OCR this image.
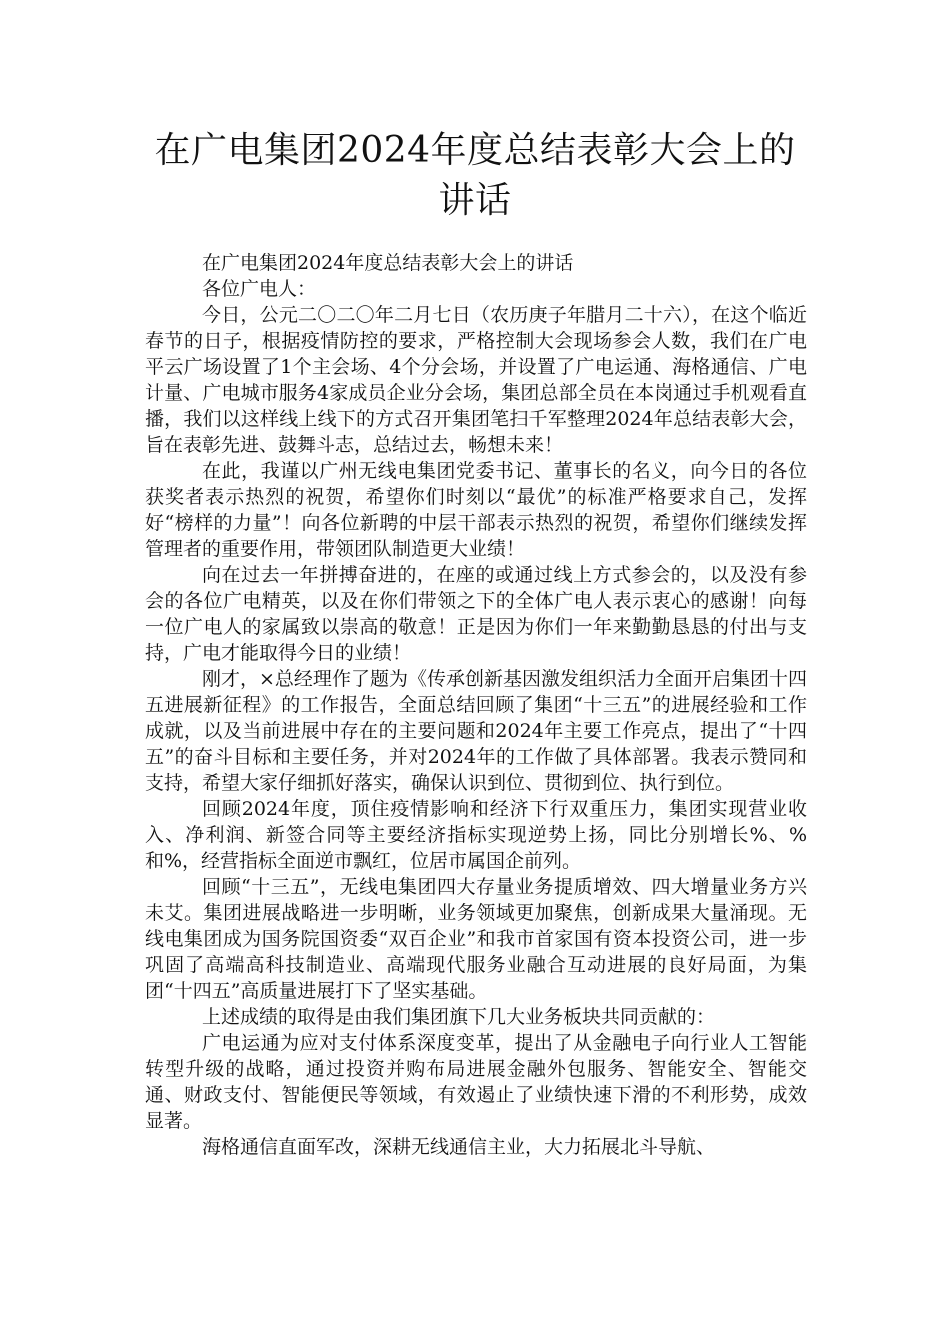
在广电集团2024年度总结表彰大会上的讲话

在广电集团2024年度总结表彰大会上的讲话

各位广电人：

今日，公元二〇二〇年二月七日（农历庚子年腊月二十六），在这个临近春节的日子，根据疫情防控的要求，严格控制大会现场参会人数，我们在广电平云广场设置了1个主会场、4个分会场，并设置了广电运通、海格通信、广电计量、广电城市服务4家成员企业分会场，集团总部全员在本岗通过手机观看直播，我们以这样线上线下的方式召开集团笔扫千军整理2024年总结表彰大会，旨在表彰先进、鼓舞斗志，总结过去，畅想未来！

在此，我谨以广州无线电集团党委书记、董事长的名义，向今日的各位获奖者表示热烈的祝贺，希望你们时刻以“最优”的标准严格要求自己，发挥好“榜样的力量”！向各位新聘的中层干部表示热烈的祝贺，希望你们继续发挥管理者的重要作用，带领团队制造更大业绩！

向在过去一年拼搏奋进的，在座的或通过线上方式参会的，以及没有参会的各位广电精英，以及在你们带领之下的全体广电人表示衷心的感谢！向每一位广电人的家属致以崇高的敬意！正是因为你们一年来勤勤恳恳的付出与支持，广电才能取得今日的业绩！

刚才，×总经理作了题为《传承创新基因激发组织活力全面开启集团十四五进展新征程》的工作报告，全面总结回顾了集团“十三五”的进展经验和工作成就，以及当前进展中存在的主要问题和2024年主要工作亮点，提出了“十四五”的奋斗目标和主要任务，并对2024年的工作做了具体部署。我表示赞同和支持，希望大家仔细抓好落实，确保认识到位、贯彻到位、执行到位。

回顾2024年度，顶住疫情影响和经济下行双重压力，集团实现营业收入、净利润、新签合同等主要经济指标实现逆势上扬，同比分别增长%、%和%，经营指标全面逆市飘红，位居市属国企前列。

回顾“十三五”，无线电集团四大存量业务提质增效、四大增量业务方兴未艾。集团进展战略进一步明晰，业务领域更加聚焦，创新成果大量涌现。无线电集团成为国务院国资委“双百企业”和我市首家国有资本投资公司，进一步巩固了高端高科技制造业、高端现代服务业融合互动进展的良好局面，为集团“十四五”高质量进展打下了坚实基础。

上述成绩的取得是由我们集团旗下几大业务板块共同贡献的：

广电运通为应对支付体系深度变革，提出了从金融电子向行业人工智能转型升级的战略，通过投资并购布局进展金融外包服务、智能安全、智能交通、财政支付、智能便民等领域，有效遏止了业绩快速下滑的不利形势，成效显著。

海格通信直面军改，深耕无线通信主业，大力拓展北斗导航、
